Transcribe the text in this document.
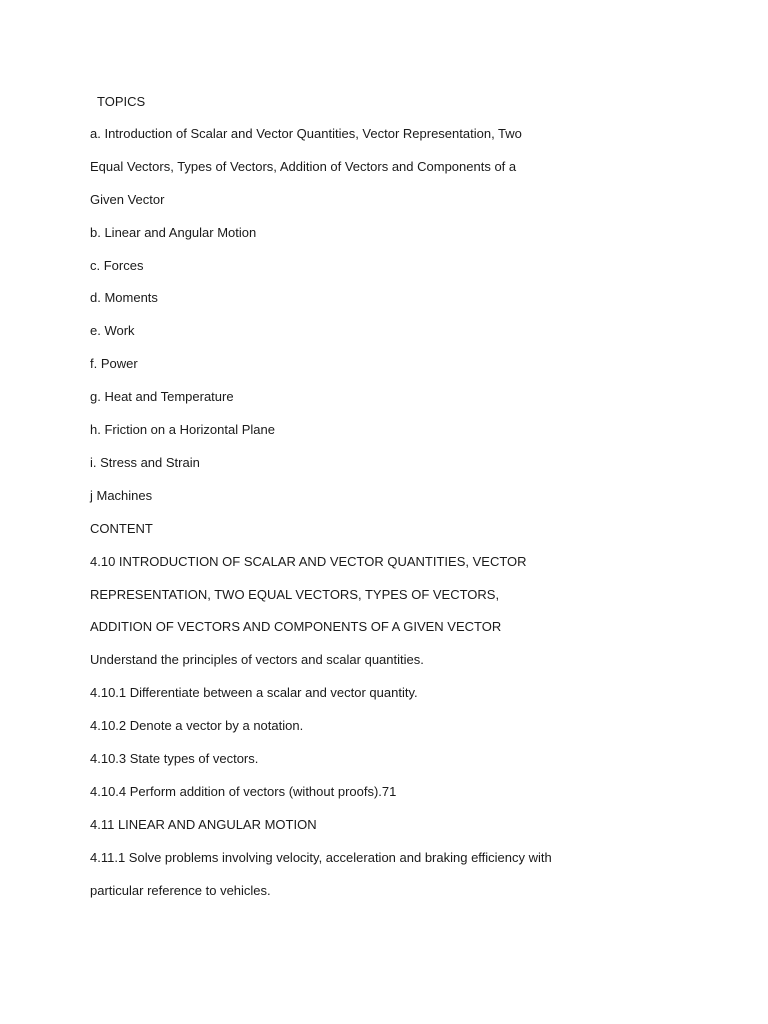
TOPICS
a. Introduction of Scalar and Vector Quantities, Vector Representation, Two
Equal Vectors, Types of Vectors, Addition of Vectors and Components of a
Given Vector
b. Linear and Angular Motion
c. Forces
d. Moments
e. Work
f. Power
g. Heat and Temperature
h. Friction on a Horizontal Plane
i. Stress and Strain
j Machines
CONTENT
4.10 INTRODUCTION OF SCALAR AND VECTOR QUANTITIES, VECTOR
REPRESENTATION, TWO EQUAL VECTORS, TYPES OF VECTORS,
ADDITION OF VECTORS AND COMPONENTS OF A GIVEN VECTOR
Understand the principles of vectors and scalar quantities.
4.10.1 Differentiate between a scalar and vector quantity.
4.10.2 Denote a vector by a notation.
4.10.3 State types of vectors.
4.10.4 Perform addition of vectors (without proofs).71
4.11 LINEAR AND ANGULAR MOTION
4.11.1 Solve problems involving velocity, acceleration and braking efficiency with
particular reference to vehicles.
